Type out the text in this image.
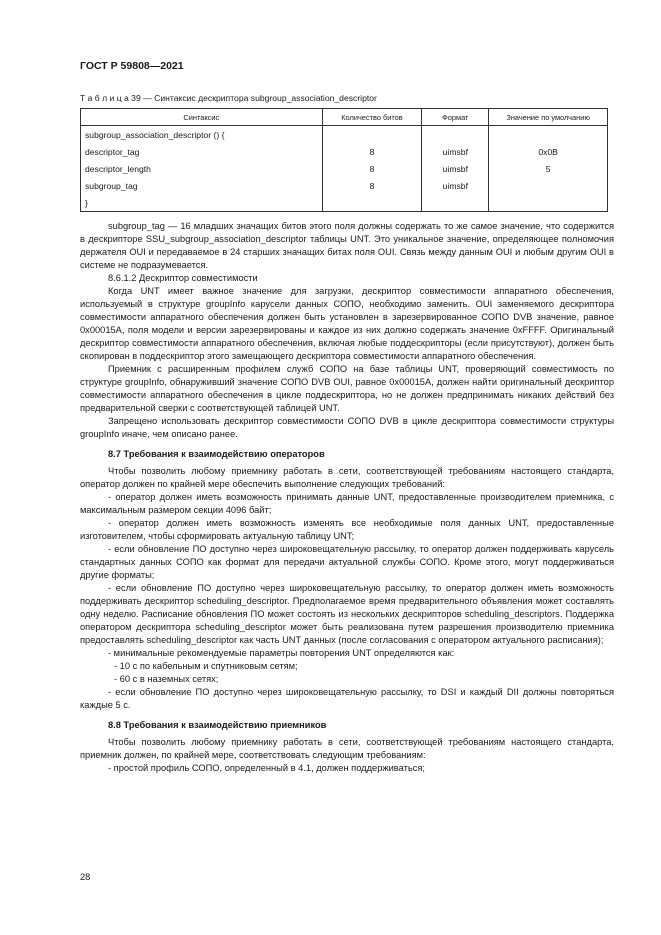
ГОСТ Р 59808—2021
Т а б л и ц а 39 — Синтаксис дескриптора subgroup_association_descriptor
Синтаксис	Количество битов	Формат	Значение по умолчанию
subgroup_association_descriptor () {			
descriptor_tag	8	uimsbf	0x0B
descriptor_length	8	uimsbf	5
subgroup_tag	8	uimsbf	
}			

subgroup_tag — 16 младших значащих битов этого поля должны содержать то же самое значение, что содержится в дескрипторе SSU_subgroup_association_descriptor таблицы UNT. Это уникальное значение, определяющее полномочия держателя OUI и передаваемое в 24 старших значащих битах поля OUI. Связь между данным OUI и любым другим OUI в системе не подразумевается.

8.6.1.2 Дескриптор совместимости

Когда UNT имеет важное значение для загрузки, дескриптор совместимости аппаратного обеспечения, используемый в структуре groupInfo карусели данных СОПО, необходимо заменить. OUI заменяемого дескриптора совместимости аппаратного обеспечения должен быть установлен в зарезервированное СОПО DVB значение, равное 0x00015A, поля модели и версии зарезервированы и каждое из них должно содержать значение 0xFFFF. Оригинальный дескриптор совместимости аппаратного обеспечения, включая любые поддескрипторы (если присутствуют), должен быть скопирован в поддескриптор этого замещающего дескриптора совместимости аппаратного обеспечения.

Приемник с расширенным профилем служб СОПО на базе таблицы UNT, проверяющий совместимость по структуре groupInfo, обнаруживший значение СОПО DVB OUI, равное 0x00015A, должен найти оригинальный дескриптор совместимости аппаратного обеспечения в цикле поддескриптора, но не должен предпринимать никаких действий без предварительной сверки с соответствующей таблицей UNT.

Запрещено использовать дескриптор совместимости СОПО DVB в цикле дескриптора совместимости структуры groupInfo иначе, чем описано ранее.

8.7 Требования к взаимодействию операторов

Чтобы позволить любому приемнику работать в сети, соответствующей требованиям настоящего стандарта, оператор должен по крайней мере обеспечить выполнение следующих требований:

- оператор должен иметь возможность принимать данные UNT, предоставленные производителем приемника, с максимальным размером секции 4096 байт;

- оператор должен иметь возможность изменять все необходимые поля данных UNT, предоставленные изготовителем, чтобы сформировать актуальную таблицу UNT;

- если обновление ПО доступно через широковещательную рассылку, то оператор должен поддерживать карусель стандартных данных СОПО как формат для передачи актуальной службы СОПО. Кроме этого, могут поддерживаться другие форматы;

- если обновление ПО доступно через широковещательную рассылку, то оператор должен иметь возможность поддерживать дескриптор scheduling_descriptor. Предполагаемое время предварительного объявления может составлять одну неделю. Расписание обновления ПО может состоять из нескольких дескрипторов scheduling_descriptors. Поддержка оператором дескриптора scheduling_descriptor может быть реализована путем разрешения производителю приемника предоставлять scheduling_descriptor как часть UNT данных (после согласования с оператором актуального расписания);

- минимальные рекомендуемые параметры повторения UNT определяются как:

- 10 с по кабельным и спутниковым сетям;

- 60 с в наземных сетях;

- если обновление ПО доступно через широковещательную рассылку, то DSI и каждый DII должны повторяться каждые 5 с.

8.8 Требования к взаимодействию приемников

Чтобы позволить любому приемнику работать в сети, соответствующей требованиям настоящего стандарта, приемник должен, по крайней мере, соответствовать следующим требованиям:

- простой профиль СОПО, определенный в 4.1, должен поддерживаться;

28
